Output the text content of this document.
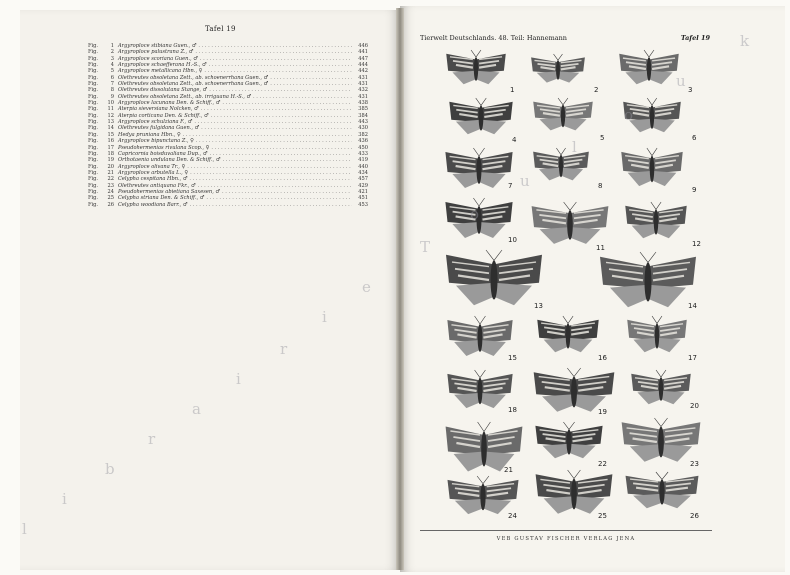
Tafel 19
Fig.	1 Argyroploce stibiana Guen., ♂ . . .	446
Fig.	2 Argyroploce palustrana Z., ♂ . . .	441
Fig.	3 Argyroploce scoriana Guen., ♂ . . .	447
Fig.	4 Argyroploce schaefferana H.-S., ♂ . . .	444
Fig.	5 Argyroploce metallicana Hbn., ♀ . . .	442
Fig.	6 Olethreutes obsoletana Zett., ab. schoenerrhana Guen., ♂ . . .	431
Fig.	7 Olethreutes obsoletana Zett., ab. schoenerrhana Guen., ♂ . . .	431
Fig.	8 Olethreutes dissolutana Stange, ♂ . . .	432
Fig.	9 Olethreutes obsoletana Zett., ab. irriguana H.-S., ♂ . . .	431
Fig.	10 Argyroploce lacunana Den. & Schiff., ♂ . . .	438
Fig.	11 Aterpia sieversiana Nolcken, ♂ . . .	385
Fig.	12 Aterpia corticana Den. & Schiff., ♂ . . .	384
Fig.	13 Argyroploce schulziana F., ♂ . . .	443
Fig.	14 Olethreutes fulgidana Guen., ♂ . . .	430
Fig.	15 Hedya pruniana Hbn., ♀ . . .	382
Fig.	16 Argyroploce bipunctana Z., ♀ . . .	436
Fig.	17 Pseudohermenias rivulana Scop., ♀ . . .	450
Fig.	18 Capricornia boisduvaliana Dup., ♂ . . .	433
Fig.	19 Orthotaenia undulana Den. & Schiff., ♂ . . .	419
Fig.	20 Argyroploce olivana Tr., ♀ . . .	440
Fig.	21 Argyroploce arbutella L., ♀ . . .	434
Fig.	22 Celypha cespitana Hbn., ♂ . . .	457
Fig.	23 Olethreutes antiquana Fkr., ♂ . . .	429
Fig.	24 Pseudohermenias abietiana Saxesen, ♂ . . .	421
Fig.	25 Celypha striana Den. & Schiff., ♂ . . .	451
Fig.	26 Celypha woodiana Barr., ♂ . . .	453
Tierwelt Deutschlands. 48. Teil: Hannemann	Tafel 19
1	2	3
4	5	6
7	8	9
10
11	12
13	14
15	16	17
18	19
20
21
22	23
24	25	26
VEB GUSTAV FISCHER VERLAG JENA
l
i
b
r
a
i
r
i
e
T
o
u
l
o
u
k
